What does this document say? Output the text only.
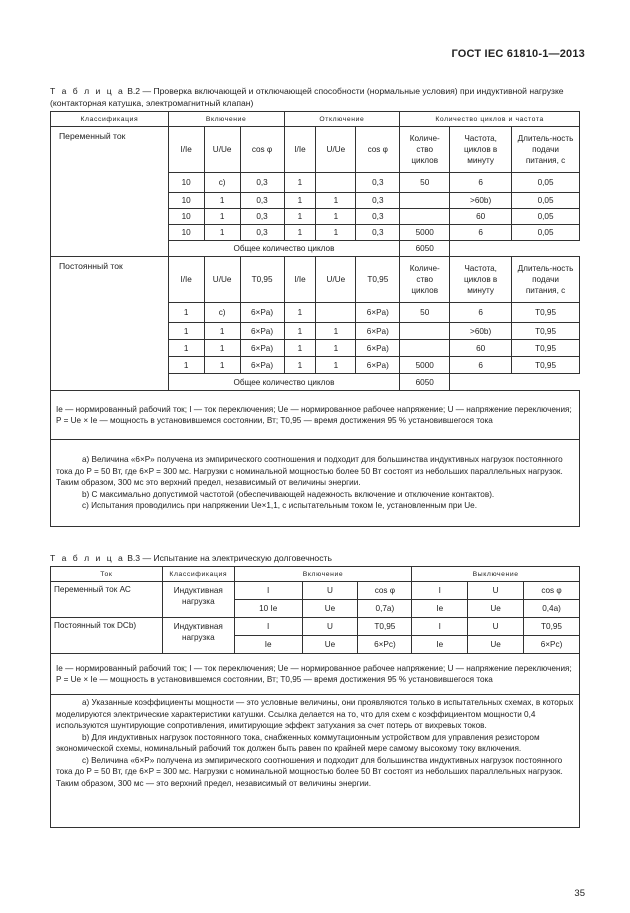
ГОСТ IEC 61810-1—2013
Т а б л и ц а В.2 — Проверка включающей и отключающей способности (нормальные условия) при индуктивной нагрузке (контакторная катушка, электромагнитный клапан)
Классификация	Включение			Отключение			Количество циклов и частота		
Переменный ток	I/Ie	U/Ue	cos φ	I/Ie	U/Ue	cos φ	Количе-ство циклов	Частота, циклов в минуту	Длитель-ность подачи питания, с
	10	c)	0,3	1		0,3	50	6	0,05
	10	1	0,3	1	1	0,3		>60b)	0,05
	10	1	0,3	1	1	0,3		60	0,05
	10	1	0,3	1	1	0,3	5000	6	0,05
	Общее количество циклов						6050		
Постоянный ток	I/Ie	U/Ue	T0,95	I/Ie	U/Ue	T0,95	Количе-ство циклов	Частота, циклов в минуту	Длитель-ность подачи питания, с
	1	c)	6×Pa)	1		6×Pa)	50	6	T0,95
	1	1	6×Pa)	1	1	6×Pa)		>60b)	T0,95
	1	1	6×Pa)	1	1	6×Pa)		60	T0,95
	1	1	6×Pa)	1	1	6×Pa)	5000	6	T0,95
	Общее количество циклов						6050		
Ie — нормированный рабочий ток; I — ток переключения; Ue — нормированное рабочее напряжение; U — напряжение переключения; P = Ue × Ie — мощность в установившемся состоянии, Вт; T0,95 — время достижения 95 % установившегося тока									

a) Величина «6×P» получена из эмпирического соотношения и подходит для большинства индуктивных нагрузок постоянного тока до P = 50 Вт, где 6×P = 300 мс. Нагрузки с номинальной мощностью более 50 Вт состоят из небольших параллельных нагрузок. Таким образом, 300 мс это верхний предел, независимый от величины энергии.

b) С максимально допустимой частотой (обеспечивающей надежность включение и отключение контактов).

c) Испытания проводились при напряжении Ue×1,1, с испытательным током Ie, установленным при Ue.									

Т а б л и ц а В.3 — Испытание на электрическую долговечность
Ток	Классификация	Включение			Выключение		
Переменный ток АС	Индуктивная нагрузка	I	U	cos φ	I	U	cos φ
		10 Ie	Ue	0,7a)	Ie	Ue	0,4a)
Постоянный ток DCb)	Индуктивная нагрузка	I	U	T0,95	I	U	T0,95
		Ie	Ue	6×Pc)	Ie	Ue	6×Pc)
Ie — нормированный рабочий ток; I — ток переключения; Ue — нормированное рабочее напряжение; U — напряжение переключения; P = Ue × Ie — мощность в установившемся состоянии, Вт; T0,95 — время достижения 95 % установившегося тока							

a) Указанные коэффициенты мощности — это условные величины, они проявляются только в испытательных схемах, в которых моделируются электрические характеристики катушки. Ссылка делается на то, что для схем с коэффициентом мощности 0,4 используются шунтирующие сопротивления, имитирующие эффект затухания за счет потерь от вихревых токов.

b) Для индуктивных нагрузок постоянного тока, снабженных коммутационным устройством для управления резистором экономической схемы, номинальный рабочий ток должен быть равен по крайней мере самому высокому току включения.

c) Величина «6×P» получена из эмпирического соотношения и подходит для большинства индуктивных нагрузок постоянного тока до P = 50 Вт, где 6×P = 300 мс. Нагрузки с номинальной мощностью более 50 Вт состоят из небольших параллельных нагрузок. Таким образом, 300 мс — это верхний предел, независимый от величины энергии.							

35
